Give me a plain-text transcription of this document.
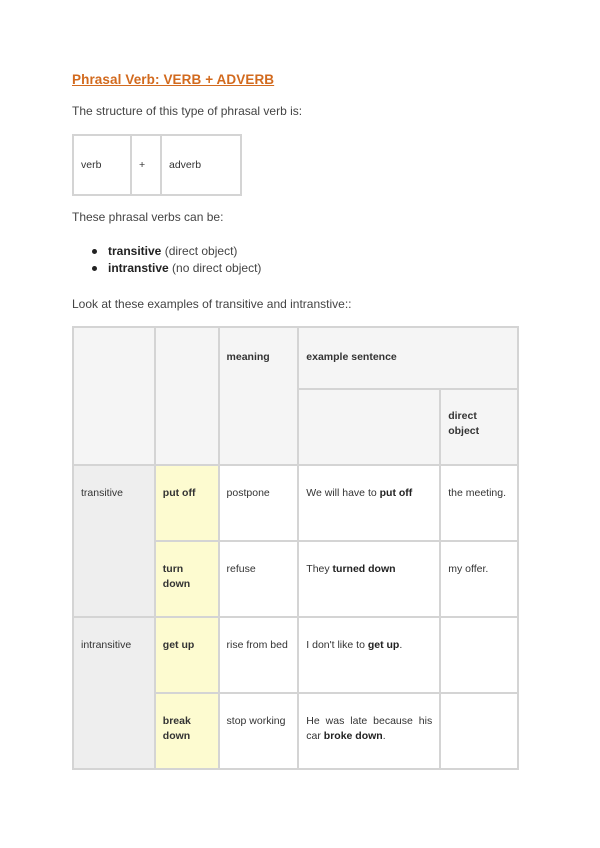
Phrasal Verb: VERB + ADVERB
The structure of this type of phrasal verb is:
verb	+	adverb
These phrasal verbs can be:
transitive (direct object)
intranstive (no direct object)
Look at these examples of transitive and intranstive::
		meaning	example sentence	
				direct object
transitive	put off	postpone	We will have to put off	the meeting.
	turn down	refuse	They turned down	my offer.
intransitive	get up	rise from bed	I don't like to get up.	
	break down	stop working	He was late because his car broke down.	
